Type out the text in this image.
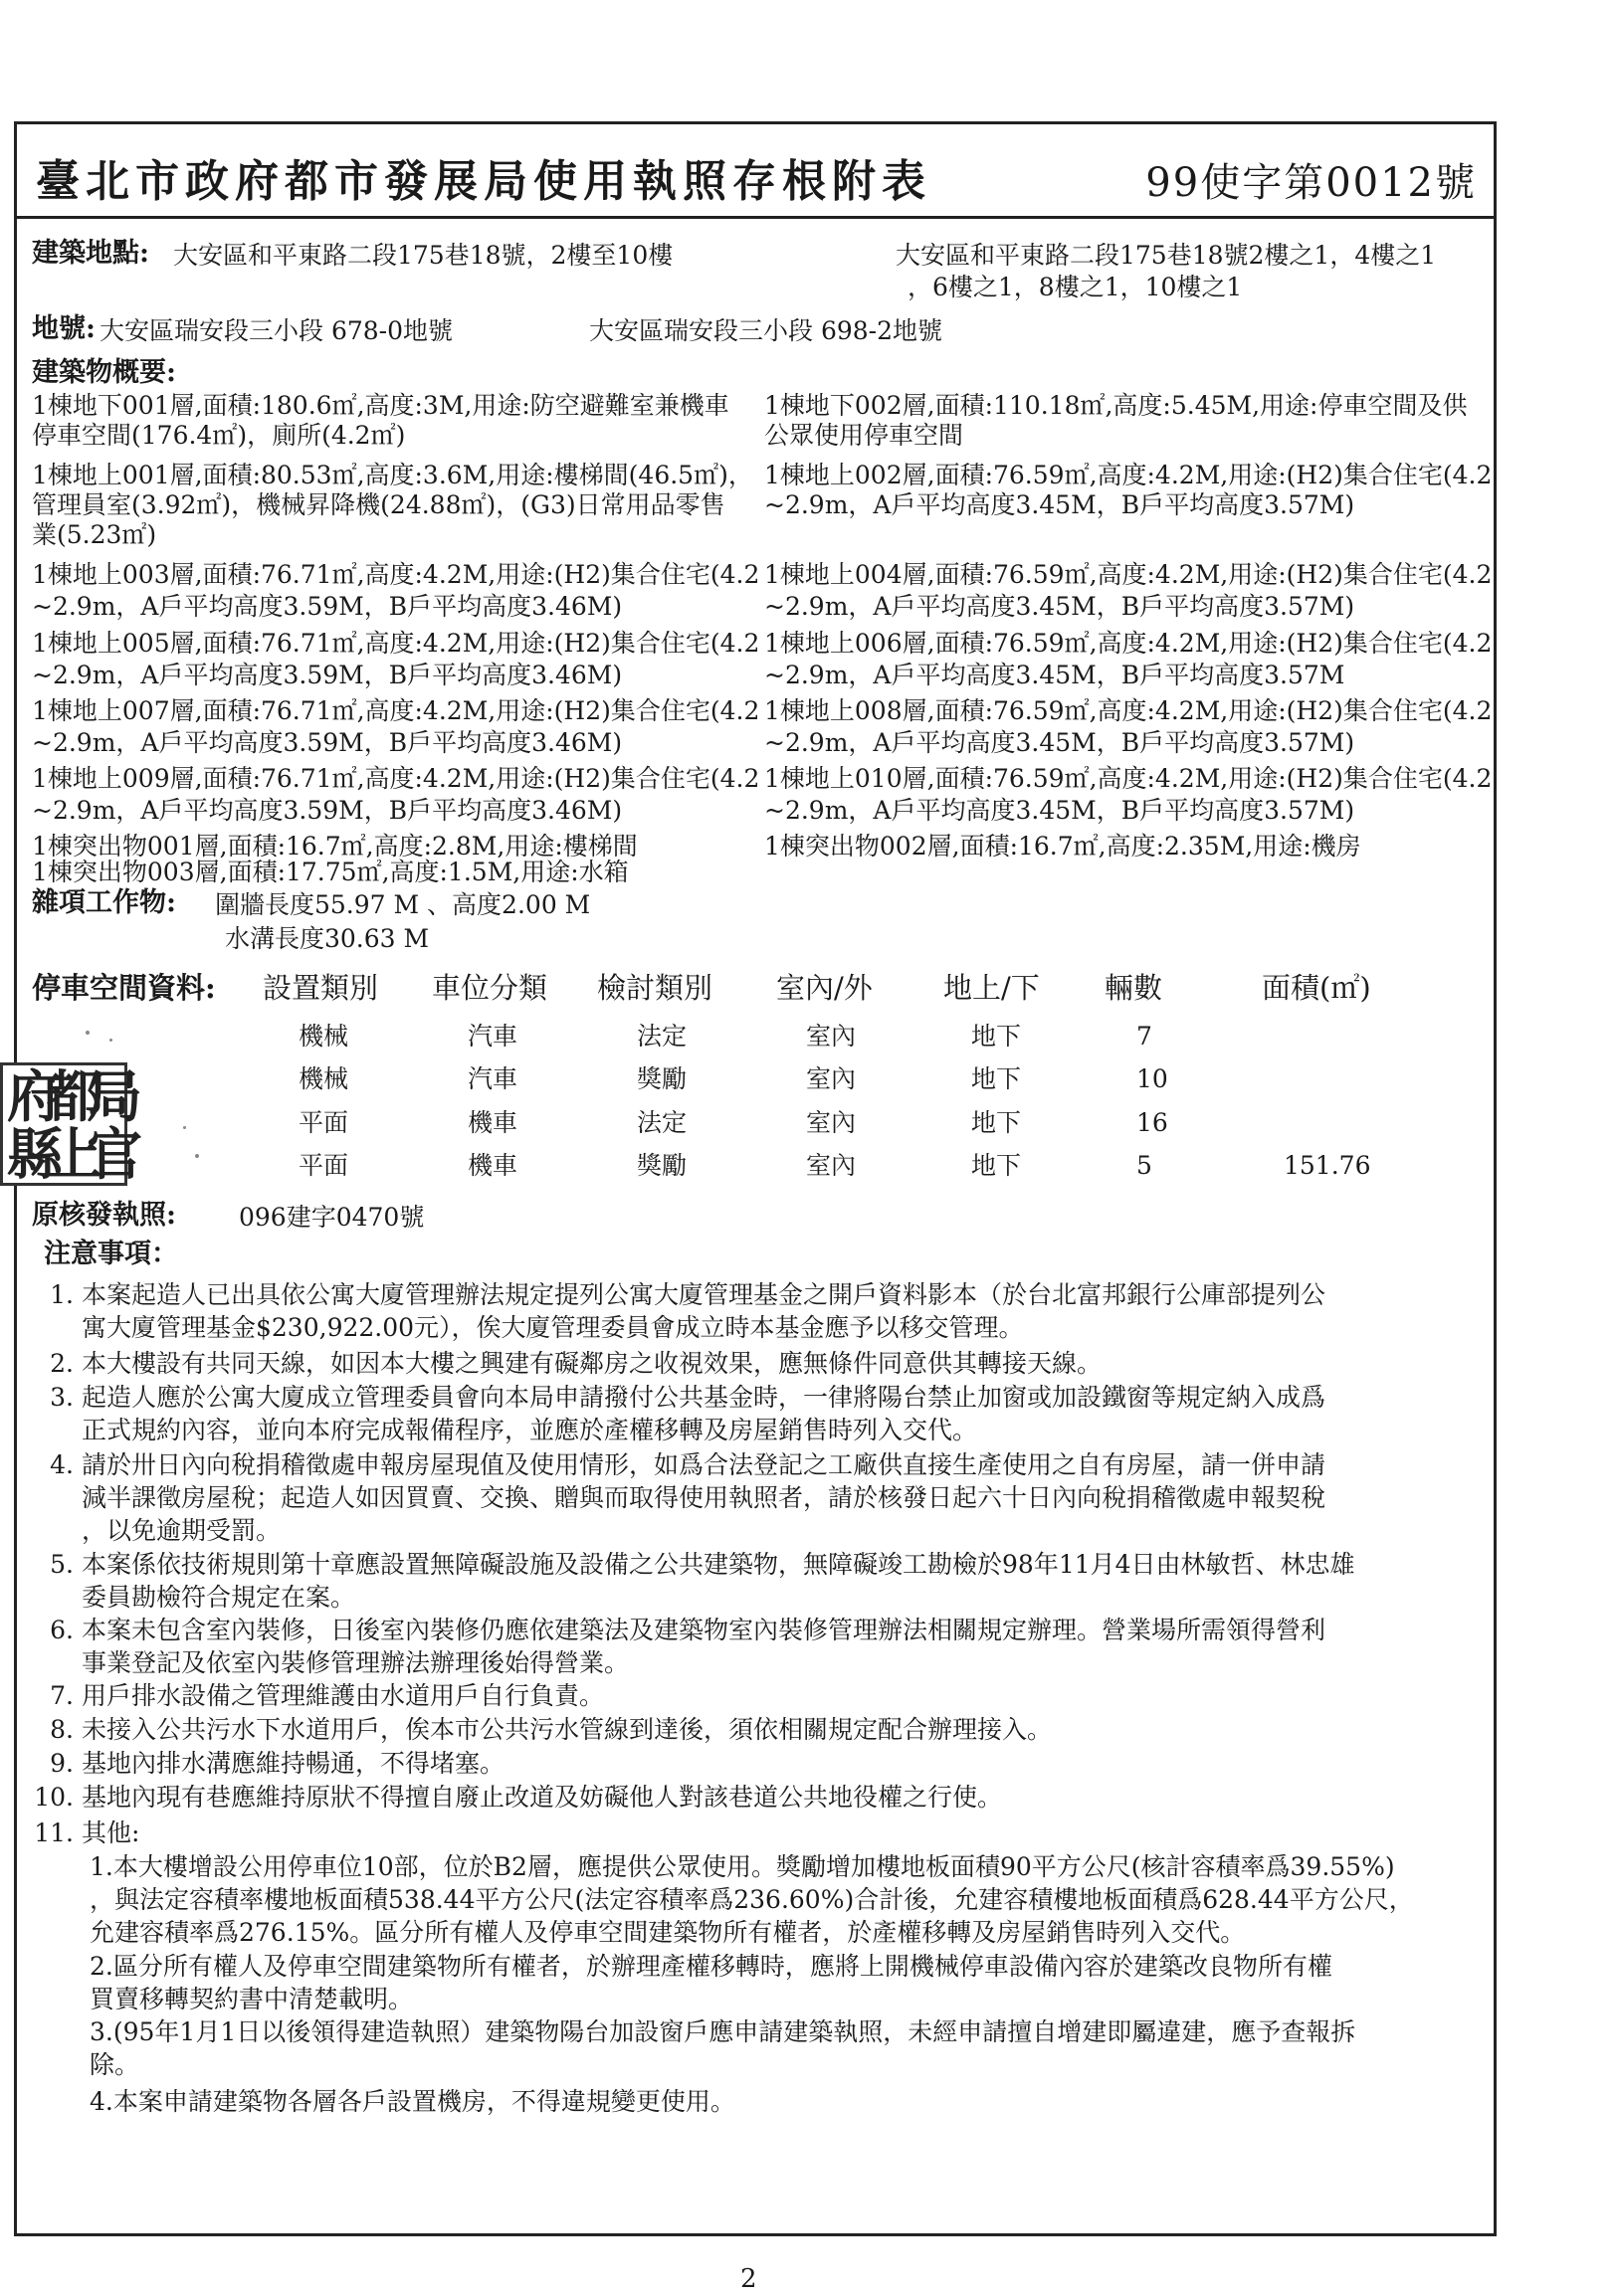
臺北市政府都市發展局使用執照存根附表	99使字第0012號
建築地點: 大安區和平東路二段175巷18號，2樓至10樓	大安區和平東路二段175巷18號2樓之1，4樓之1
，6樓之1，8樓之1，10樓之1
地號: 大安區瑞安段三小段 678-0地號	大安區瑞安段三小段 698-2地號
建築物概要:
1棟地下001層,面積:180.6㎡,高度:3M,用途:防空避難室兼機車
停車空間(176.4㎡)，廁所(4.2㎡)
1棟地下002層,面積:110.18㎡,高度:5.45M,用途:停車空間及供
公眾使用停車空間
1棟地上001層,面積:80.53㎡,高度:3.6M,用途:樓梯間(46.5㎡)，
管理員室(3.92㎡)，機械昇降機(24.88㎡)，(G3)日常用品零售
業(5.23㎡)
1棟地上002層,面積:76.59㎡,高度:4.2M,用途:(H2)集合住宅(4.2
~2.9m，A戶平均高度3.45M，B戶平均高度3.57M)
1棟地上003層,面積:76.71㎡,高度:4.2M,用途:(H2)集合住宅(4.2
~2.9m，A戶平均高度3.59M，B戶平均高度3.46M)
1棟地上004層,面積:76.59㎡,高度:4.2M,用途:(H2)集合住宅(4.2
~2.9m，A戶平均高度3.45M，B戶平均高度3.57M)
1棟地上005層,面積:76.71㎡,高度:4.2M,用途:(H2)集合住宅(4.2
~2.9m，A戶平均高度3.59M，B戶平均高度3.46M)
1棟地上006層,面積:76.59㎡,高度:4.2M,用途:(H2)集合住宅(4.2
~2.9m，A戶平均高度3.45M，B戶平均高度3.57M
1棟地上007層,面積:76.71㎡,高度:4.2M,用途:(H2)集合住宅(4.2
~2.9m，A戶平均高度3.59M，B戶平均高度3.46M)
1棟地上008層,面積:76.59㎡,高度:4.2M,用途:(H2)集合住宅(4.2
~2.9m，A戶平均高度3.45M，B戶平均高度3.57M)
1棟地上009層,面積:76.71㎡,高度:4.2M,用途:(H2)集合住宅(4.2
~2.9m，A戶平均高度3.59M，B戶平均高度3.46M)
1棟地上010層,面積:76.59㎡,高度:4.2M,用途:(H2)集合住宅(4.2
~2.9m，A戶平均高度3.45M，B戶平均高度3.57M)
1棟突出物001層,面積:16.7㎡,高度:2.8M,用途:樓梯間
1棟突出物003層,面積:17.75㎡,高度:1.5M,用途:水箱
1棟突出物002層,面積:16.7㎡,高度:2.35M,用途:機房
雜項工作物: 圍牆長度55.97 M 、高度2.00 M
水溝長度30.63 M
停車空間資料: 設置類別 車位分類 檢討類別 室內/外 地上/下 輛數	面積(㎡)
機械	汽車	法定	室內	地下	7
機械	汽車	獎勵	室內	地下	10
平面	機車	法定	室內	地下	16
平面	機車	獎勵	室內	地下	5	151.76
府
都
局
縣
上
官
原核發執照:	096建字0470號
注意事項：
1. 本案起造人已出具依公寓大廈管理辦法規定提列公寓大廈管理基金之開戶資料影本（於台北富邦銀行公庫部提列公
寓大廈管理基金$230,922.00元），俟大廈管理委員會成立時本基金應予以移交管理。
2. 本大樓設有共同天線，如因本大樓之興建有礙鄰房之收視效果，應無條件同意供其轉接天線。
3. 起造人應於公寓大廈成立管理委員會向本局申請撥付公共基金時，一律將陽台禁止加窗或加設鐵窗等規定納入成爲
正式規約內容，並向本府完成報備程序，並應於產權移轉及房屋銷售時列入交代。
4. 請於卅日內向稅捐稽徵處申報房屋現值及使用情形，如爲合法登記之工廠供直接生產使用之自有房屋，請一併申請
減半課徵房屋稅；起造人如因買賣、交換、贈與而取得使用執照者，請於核發日起六十日內向稅捐稽徵處申報契稅
，以免逾期受罰。
5. 本案係依技術規則第十章應設置無障礙設施及設備之公共建築物，無障礙竣工勘檢於98年11月4日由林敏哲、林忠雄
委員勘檢符合規定在案。
6. 本案未包含室內裝修，日後室內裝修仍應依建築法及建築物室內裝修管理辦法相關規定辦理。營業場所需領得營利
事業登記及依室內裝修管理辦法辦理後始得營業。
7. 用戶排水設備之管理維護由水道用戶自行負責。
8. 未接入公共污水下水道用戶，俟本市公共污水管線到達後，須依相關規定配合辦理接入。
9. 基地內排水溝應維持暢通，不得堵塞。
10. 基地內現有巷應維持原狀不得擅自廢止改道及妨礙他人對該巷道公共地役權之行使。
11. 其他:
1.本大樓增設公用停車位10部，位於B2層，應提供公眾使用。獎勵增加樓地板面積90平方公尺(核計容積率爲39.55%)
，與法定容積率樓地板面積538.44平方公尺(法定容積率爲236.60%)合計後，允建容積樓地板面積爲628.44平方公尺，
允建容積率爲276.15%。區分所有權人及停車空間建築物所有權者，於產權移轉及房屋銷售時列入交代。
2.區分所有權人及停車空間建築物所有權者，於辦理產權移轉時，應將上開機械停車設備內容於建築改良物所有權
買賣移轉契約書中清楚載明。
3.(95年1月1日以後領得建造執照）建築物陽台加設窗戶應申請建築執照，未經申請擅自增建即屬違建，應予查報拆
除。
4.本案申請建築物各層各戶設置機房，不得違規變更使用。
2
